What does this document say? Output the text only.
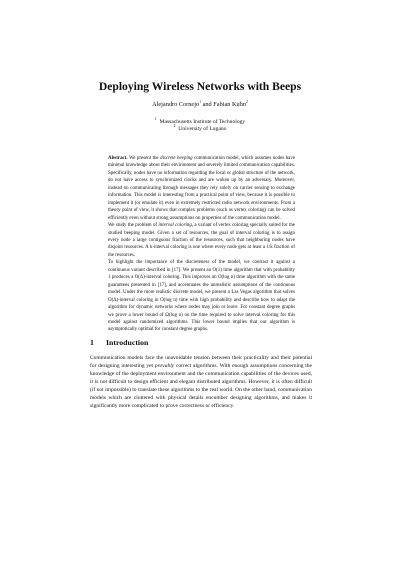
Deploying Wireless Networks with Beeps
Alejandro Cornejo$^1$ and Fabian Kuhn$^2$
$^1$ Massachusetts Institute of Technology
$^2$ University of Lugano

Abstract. We present the discrete beeping communication model, which assumes nodes have minimal knowledge about their environment and severely limited communication capabilities. Specifically, nodes have no information regarding the local or global structure of the network, do not have access to synchronized clocks and are woken up by an adversary. Moreover, instead on communicating through messages they rely solely on carrier sensing to exchange information. This model is interesting from a practical point of view, because it is possible to implement it (or emulate it) even in extremely restricted radio network environments. From a theory point of view, it shows that complex problems (such as vertex coloring) can be solved efficiently even without strong assumptions on properties of the communication model.

We study the problem of interval coloring, a variant of vertex coloring specially suited for the studied beeping model. Given a set of resources, the goal of interval coloring is to assign every node a large contiguous fraction of the resources, such that neighboring nodes have disjoint resources. A k-interval coloring is one where every node gets at least a 1/k fraction of the resources.

To highlight the importance of the discreteness of the model, we contrast it against a continuous variant described in [17]. We present an O(1) time algorithm that with probability 1 produces a O(Δ)-interval coloring. This improves an O(log n) time algorithm with the same guarantees presented in [17], and accentuates the unrealistic assumptions of the continuous model. Under the more realistic discrete model, we present a Las Vegas algorithm that solves O(Δ)-interval coloring in O(log n) time with high probability and describe how to adapt the algorithm for dynamic networks where nodes may join or leave. For constant degree graphs we prove a lower bound of Ω(log n) on the time required to solve interval coloring for this model against randomized algorithms. This lower bound implies that our algorithm is asymptotically optimal for constant degree graphs.

1 Introduction

Communication models face the unavoidable tension between their practicality and their potential for designing interesting yet provably correct algorithms. With enough assumptions concerning the knowledge of the deployment environment and the communication capabilities of the devices used, it is not difficult to design efficient and elegant distributed algorithms. However, it is often difficult (if not impossible) to translate these algorithms to the real world. On the other hand, communication models which are cluttered with physical details encumber designing algorithms, and makes it significantly more complicated to prove correctness or efficiency.
